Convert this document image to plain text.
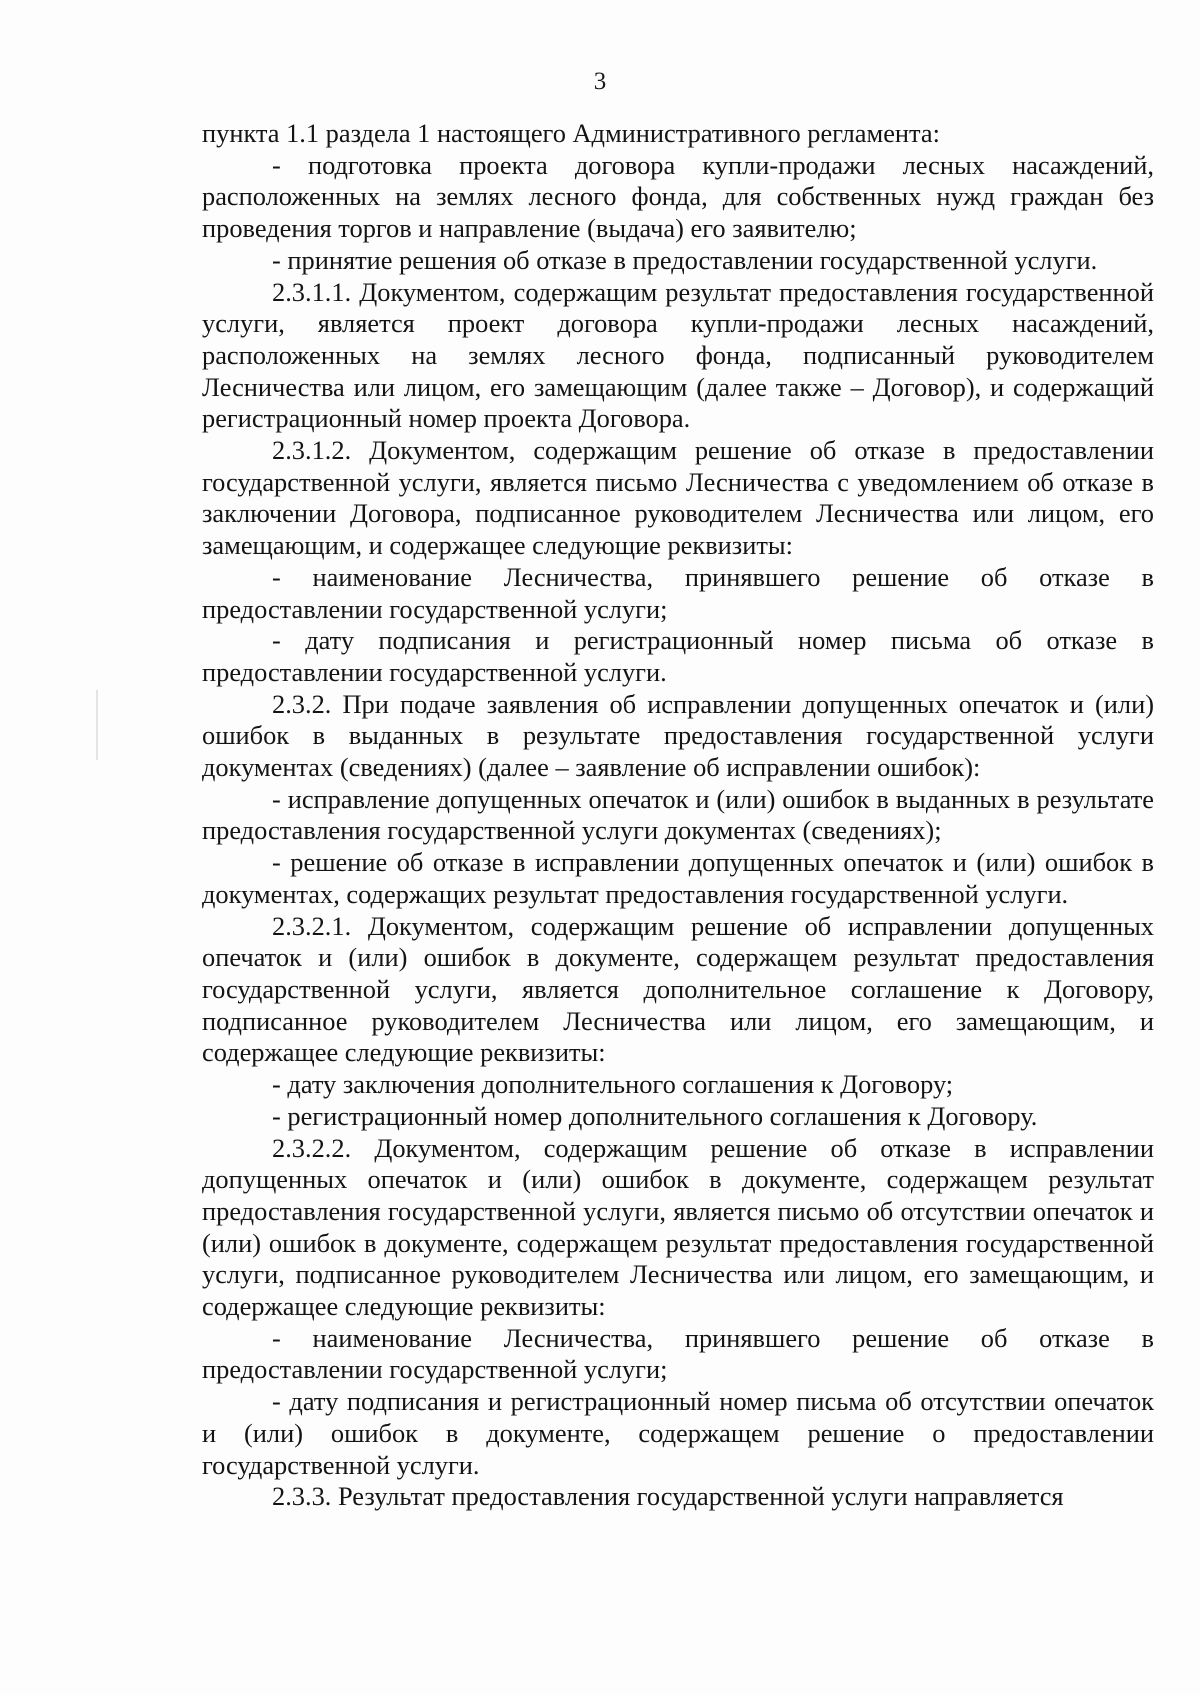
3

пункта 1.1 раздела 1 настоящего Административного регламента:

- подготовка проекта договора купли-продажи лесных насаждений, расположенных на землях лесного фонда, для собственных нужд граждан без проведения торгов и направление (выдача) его заявителю;

- принятие решения об отказе в предоставлении государственной услуги.

2.3.1.1. Документом, содержащим результат предоставления государственной услуги, является проект договора купли-продажи лесных насаждений, расположенных на землях лесного фонда, подписанный руководителем Лесничества или лицом, его замещающим (далее также – Договор), и содержащий регистрационный номер проекта Договора.

2.3.1.2. Документом, содержащим решение об отказе в предоставлении государственной услуги, является письмо Лесничества с уведомлением об отказе в заключении Договора, подписанное руководителем Лесничества или лицом, его замещающим, и содержащее следующие реквизиты:

- наименование Лесничества, принявшего решение об отказе в предоставлении государственной услуги;

- дату подписания и регистрационный номер письма об отказе в предоставлении государственной услуги.

2.3.2. При подаче заявления об исправлении допущенных опечаток и (или) ошибок в выданных в результате предоставления государственной услуги документах (сведениях) (далее – заявление об исправлении ошибок):

- исправление допущенных опечаток и (или) ошибок в выданных в результате предоставления государственной услуги документах (сведениях);

- решение об отказе в исправлении допущенных опечаток и (или) ошибок в документах, содержащих результат предоставления государственной услуги.

2.3.2.1. Документом, содержащим решение об исправлении допущенных опечаток и (или) ошибок в документе, содержащем результат предоставления государственной услуги, является дополнительное соглашение к Договору, подписанное руководителем Лесничества или лицом, его замещающим, и содержащее следующие реквизиты:

- дату заключения дополнительного соглашения к Договору;

- регистрационный номер дополнительного соглашения к Договору.

2.3.2.2. Документом, содержащим решение об отказе в исправлении допущенных опечаток и (или) ошибок в документе, содержащем результат предоставления государственной услуги, является письмо об отсутствии опечаток и (или) ошибок в документе, содержащем результат предоставления государственной услуги, подписанное руководителем Лесничества или лицом, его замещающим, и содержащее следующие реквизиты:

- наименование Лесничества, принявшего решение об отказе в предоставлении государственной услуги;

- дату подписания и регистрационный номер письма об отсутствии опечаток и (или) ошибок в документе, содержащем решение о предоставлении государственной услуги.

2.3.3. Результат предоставления государственной услуги направляется
